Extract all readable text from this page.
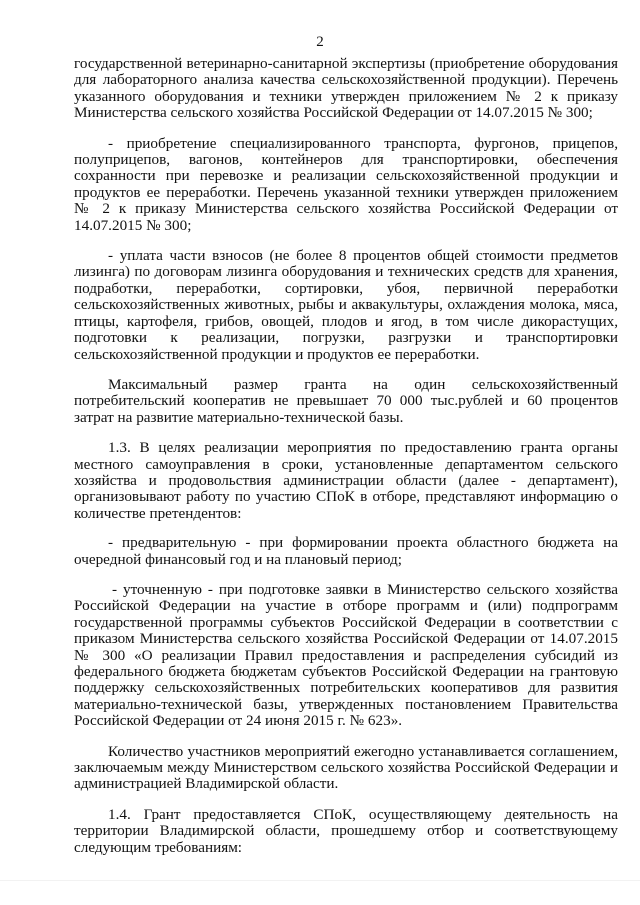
2

государственной ветеринарно-санитарной экспертизы (приобретение оборудования для лабораторного анализа качества сельскохозяйственной продукции). Перечень указанного оборудования и техники утвержден приложением № 2 к приказу Министерства сельского хозяйства Российской Федерации от 14.07.2015 № 300;

- приобретение специализированного транспорта, фургонов, прицепов, полуприцепов, вагонов, контейнеров для транспортировки, обеспечения сохранности при перевозке и реализации сельскохозяйственной продукции и продуктов ее переработки. Перечень указанной техники утвержден приложением № 2 к приказу Министерства сельского хозяйства Российской Федерации от 14.07.2015 № 300;

- уплата части взносов (не более 8 процентов общей стоимости предметов лизинга) по договорам лизинга оборудования и технических средств для хранения, подработки, переработки, сортировки, убоя, первичной переработки сельскохозяйственных животных, рыбы и аквакультуры, охлаждения молока, мяса, птицы, картофеля, грибов, овощей, плодов и ягод, в том числе дикорастущих, подготовки к реализации, погрузки, разгрузки и транспортировки сельскохозяйственной продукции и продуктов ее переработки.

Максимальный размер гранта на один сельскохозяйственный потребительский кооператив не превышает 70 000 тыс.рублей и 60 процентов затрат на развитие материально-технической базы.

1.3. В целях реализации мероприятия по предоставлению гранта органы местного самоуправления в сроки, установленные департаментом сельского хозяйства и продовольствия администрации области (далее - департамент), организовывают работу по участию СПоК в отборе, представляют информацию о количестве претендентов:

- предварительную - при формировании проекта областного бюджета на очередной финансовый год и на плановый период;

- уточненную - при подготовке заявки в Министерство сельского хозяйства Российской Федерации на участие в отборе программ и (или) подпрограмм государственной программы субъектов Российской Федерации в соответствии с приказом Министерства сельского хозяйства Российской Федерации от 14.07.2015 № 300 «О реализации Правил предоставления и распределения субсидий из федерального бюджета бюджетам субъектов Российской Федерации на грантовую поддержку сельскохозяйственных потребительских кооперативов для развития материально-технической базы, утвержденных постановлением Правительства Российской Федерации от 24 июня 2015 г. № 623».

Количество участников мероприятий ежегодно устанавливается соглашением, заключаемым между Министерством сельского хозяйства Российской Федерации и администрацией Владимирской области.

1.4. Грант предоставляется СПоК, осуществляющему деятельность на территории Владимирской области, прошедшему отбор и соответствующему следующим требованиям:
